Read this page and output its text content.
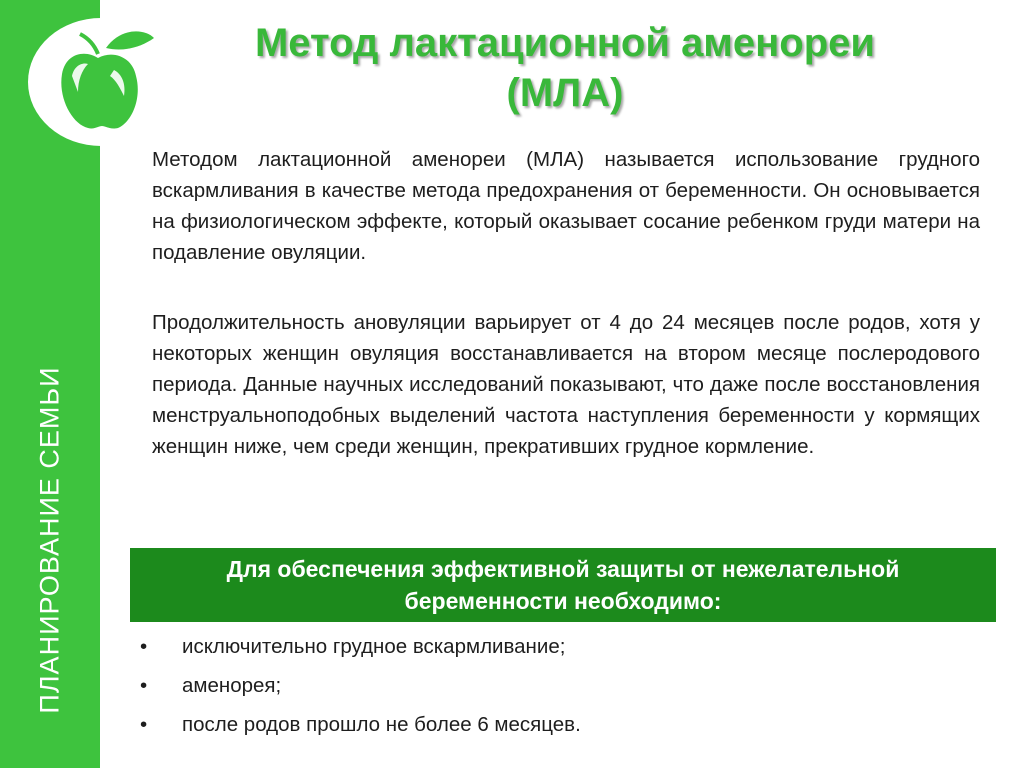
ПЛАНИРОВАНИЕ СЕМЬИ
Метод лактационной аменореи
(МЛА)

Методом лактационной аменореи (МЛА) называется использование грудного вскармливания в качестве метода предохранения от беременности. Он основывается на физиологическом эффекте, который оказывает сосание ребенком груди матери на подавление овуляции.

Продолжительность ановуляции варьирует от 4 до 24 месяцев после родов, хотя у некоторых женщин овуляция восстанавливается на втором месяце послеродового периода. Данные научных исследований показывают, что даже после восстановления менструальноподобных выделений частота наступления беременности у кормящих женщин ниже, чем среди женщин, прекративших грудное кормление.

Для обеспечения эффективной защиты от нежелательной
беременности необходимо:
•	исключительно грудное вскармливание;
•	аменорея;
•	после родов прошло не более 6 месяцев.
